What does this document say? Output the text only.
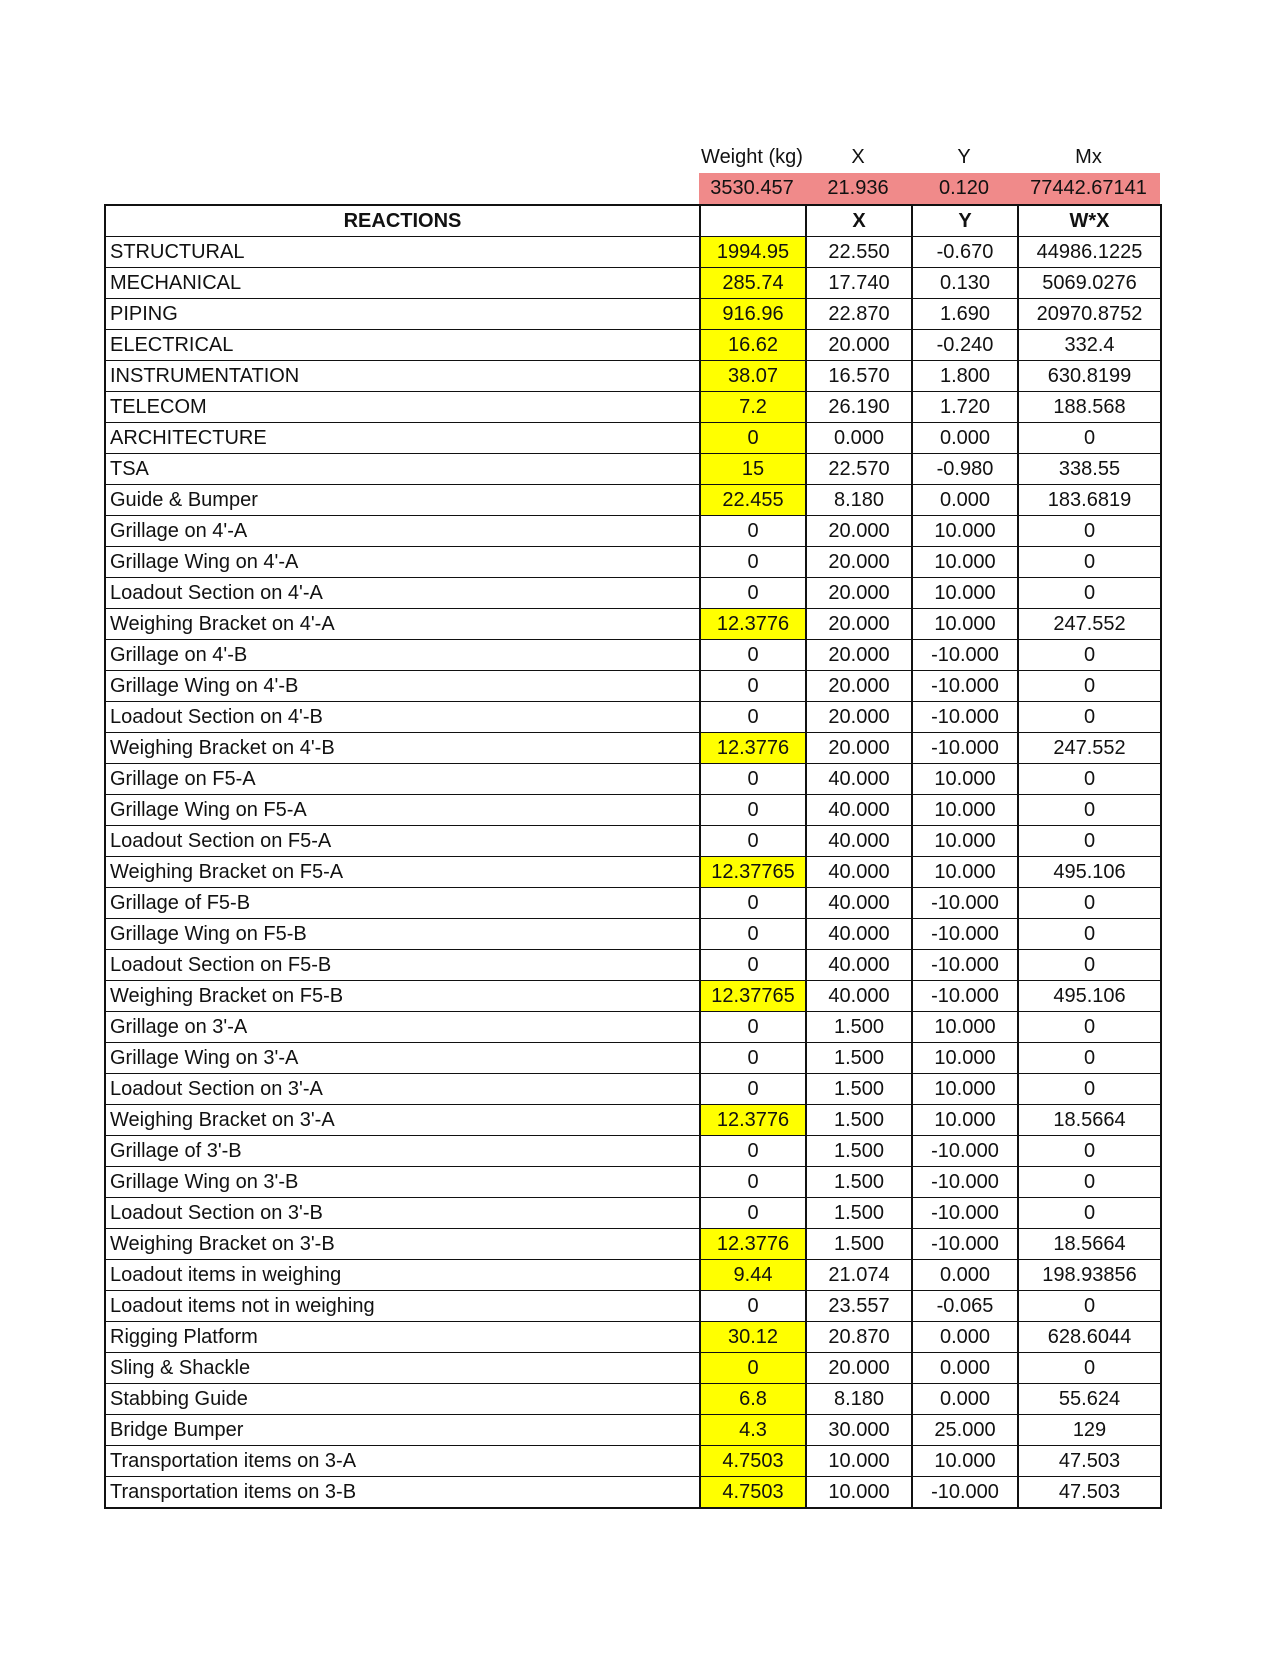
Weight (kg)	X	Y	Mx
3530.457	21.936	0.120	77442.67141
REACTIONS		X	Y	W*X
STRUCTURAL	1994.95	22.550	-0.670	44986.1225
MECHANICAL	285.74	17.740	0.130	5069.0276
PIPING	916.96	22.870	1.690	20970.8752
ELECTRICAL	16.62	20.000	-0.240	332.4
INSTRUMENTATION	38.07	16.570	1.800	630.8199
TELECOM	7.2	26.190	1.720	188.568
ARCHITECTURE	0	0.000	0.000	0
TSA	15	22.570	-0.980	338.55
Guide & Bumper	22.455	8.180	0.000	183.6819
Grillage on 4'-A	0	20.000	10.000	0
Grillage Wing on 4'-A	0	20.000	10.000	0
Loadout Section on 4'-A	0	20.000	10.000	0
Weighing Bracket on 4'-A	12.3776	20.000	10.000	247.552
Grillage on 4'-B	0	20.000	-10.000	0
Grillage Wing on 4'-B	0	20.000	-10.000	0
Loadout Section on 4'-B	0	20.000	-10.000	0
Weighing Bracket on 4'-B	12.3776	20.000	-10.000	247.552
Grillage on F5-A	0	40.000	10.000	0
Grillage Wing on F5-A	0	40.000	10.000	0
Loadout Section on F5-A	0	40.000	10.000	0
Weighing Bracket on F5-A	12.37765	40.000	10.000	495.106
Grillage of F5-B	0	40.000	-10.000	0
Grillage Wing on F5-B	0	40.000	-10.000	0
Loadout Section on F5-B	0	40.000	-10.000	0
Weighing Bracket on F5-B	12.37765	40.000	-10.000	495.106
Grillage on 3'-A	0	1.500	10.000	0
Grillage Wing on 3'-A	0	1.500	10.000	0
Loadout Section on 3'-A	0	1.500	10.000	0
Weighing Bracket on 3'-A	12.3776	1.500	10.000	18.5664
Grillage of 3'-B	0	1.500	-10.000	0
Grillage Wing on 3'-B	0	1.500	-10.000	0
Loadout Section on 3'-B	0	1.500	-10.000	0
Weighing Bracket on 3'-B	12.3776	1.500	-10.000	18.5664
Loadout items in weighing	9.44	21.074	0.000	198.93856
Loadout items not in weighing	0	23.557	-0.065	0
Rigging Platform	30.12	20.870	0.000	628.6044
Sling & Shackle	0	20.000	0.000	0
Stabbing Guide	6.8	8.180	0.000	55.624
Bridge Bumper	4.3	30.000	25.000	129
Transportation items on 3-A	4.7503	10.000	10.000	47.503
Transportation items on 3-B	4.7503	10.000	-10.000	47.503
